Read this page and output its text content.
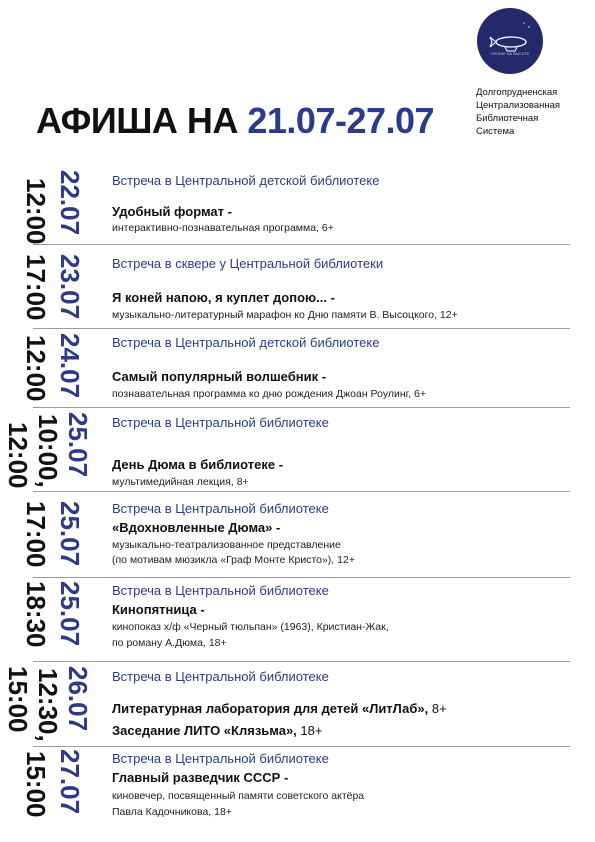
ЧТЕНИЕ НА ВЫСОТЕ
Долгопрудненская
Централизованная
Библиотечная
Система
АФИША НА 21.07-27.07
22.07
12:00	Встреча в Центральной детской библиотеке
Удобный формат -
интерактивно-познавательная программа, 6+
23.07
17:00	Встреча в сквере у Центральной библиотеки
Я коней напою, я куплет допою... -
музыкально-литературный марафон ко Дню памяти В. Высоцкого, 12+
24.07
12:00	Встреча в Центральной детской библиотеке
Самый популярный волшебник -
познавательная программа ко дню рождения Джоан Роулинг, 6+
25.07
10:00,
12:00	Встреча в Центральной библиотеке
День Дюма в библиотеке -
мультимедийная лекция, 8+
25.07
17:00	Встреча в Центральной библиотеке
«Вдохновленные Дюма» -
музыкально-театрализованное представление
(по мотивам мюзикла «Граф Монте Кристо»), 12+
25.07
18:30	Встреча в Центральной библиотеке
Кинопятница -
кинопоказ х/ф «Черный тюльпан» (1963), Кристиан-Жак,
по роману А.Дюма, 18+
26.07
12:30,
15:00	Встреча в Центральной библиотеке
Литературная лаборатория для детей «ЛитЛаб», 8+
Заседание ЛИТО «Клязьма», 18+
27.07
15:00	Встреча в Центральной библиотеке
Главный разведчик СССР -
киновечер, посвященный памяти советского актёра
Павла Кадочникова, 18+
